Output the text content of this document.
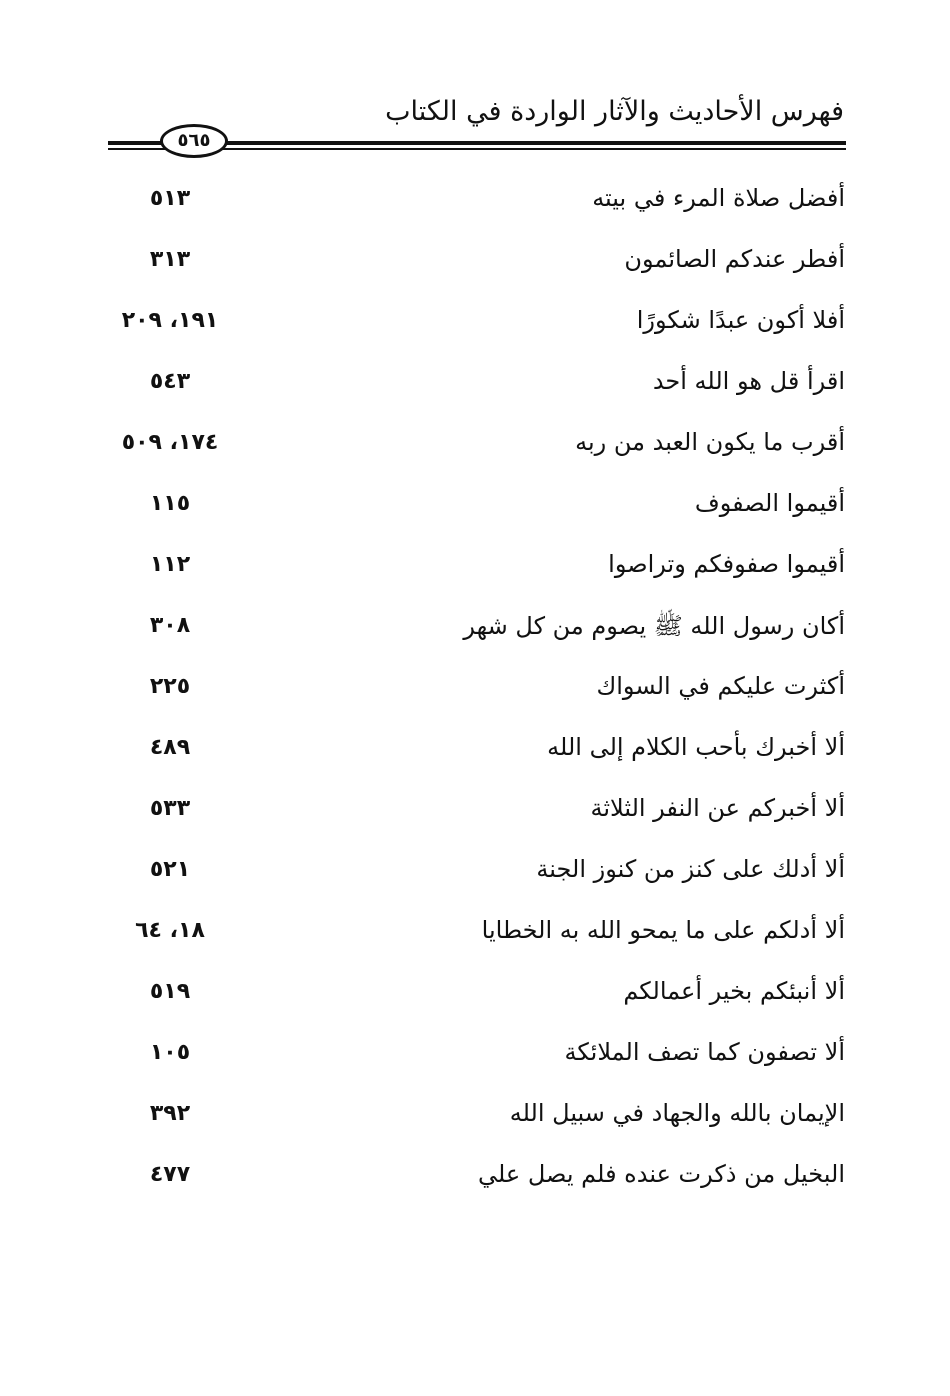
فهرس الأحاديث والآثار الواردة في الكتاب
٥٦٥
أفضل صلاة المرء في بيته
٥١٣
أفطر عندكم الصائمون
٣١٣
أفلا أكون عبدًا شكورًا
١٩١، ٢٠٩
اقرأ قل هو الله أحد
٥٤٣
أقرب ما يكون العبد من ربه
١٧٤، ٥٠٩
أقيموا الصفوف
١١٥
أقيموا صفوفكم وتراصوا
١١٢
أكان رسول الله ﷺ يصوم من كل شهر
٣٠٨
أكثرت عليكم في السواك
٢٢٥
ألا أخبرك بأحب الكلام إلى الله
٤٨٩
ألا أخبركم عن النفر الثلاثة
٥٣٣
ألا أدلك على كنز من كنوز الجنة
٥٢١
ألا أدلكم على ما يمحو الله به الخطايا
١٨، ٦٤
ألا أنبئكم بخير أعمالكم
٥١٩
ألا تصفون كما تصف الملائكة
١٠٥
الإيمان بالله والجهاد في سبيل الله
٣٩٢
البخيل من ذكرت عنده فلم يصل علي
٤٧٧
